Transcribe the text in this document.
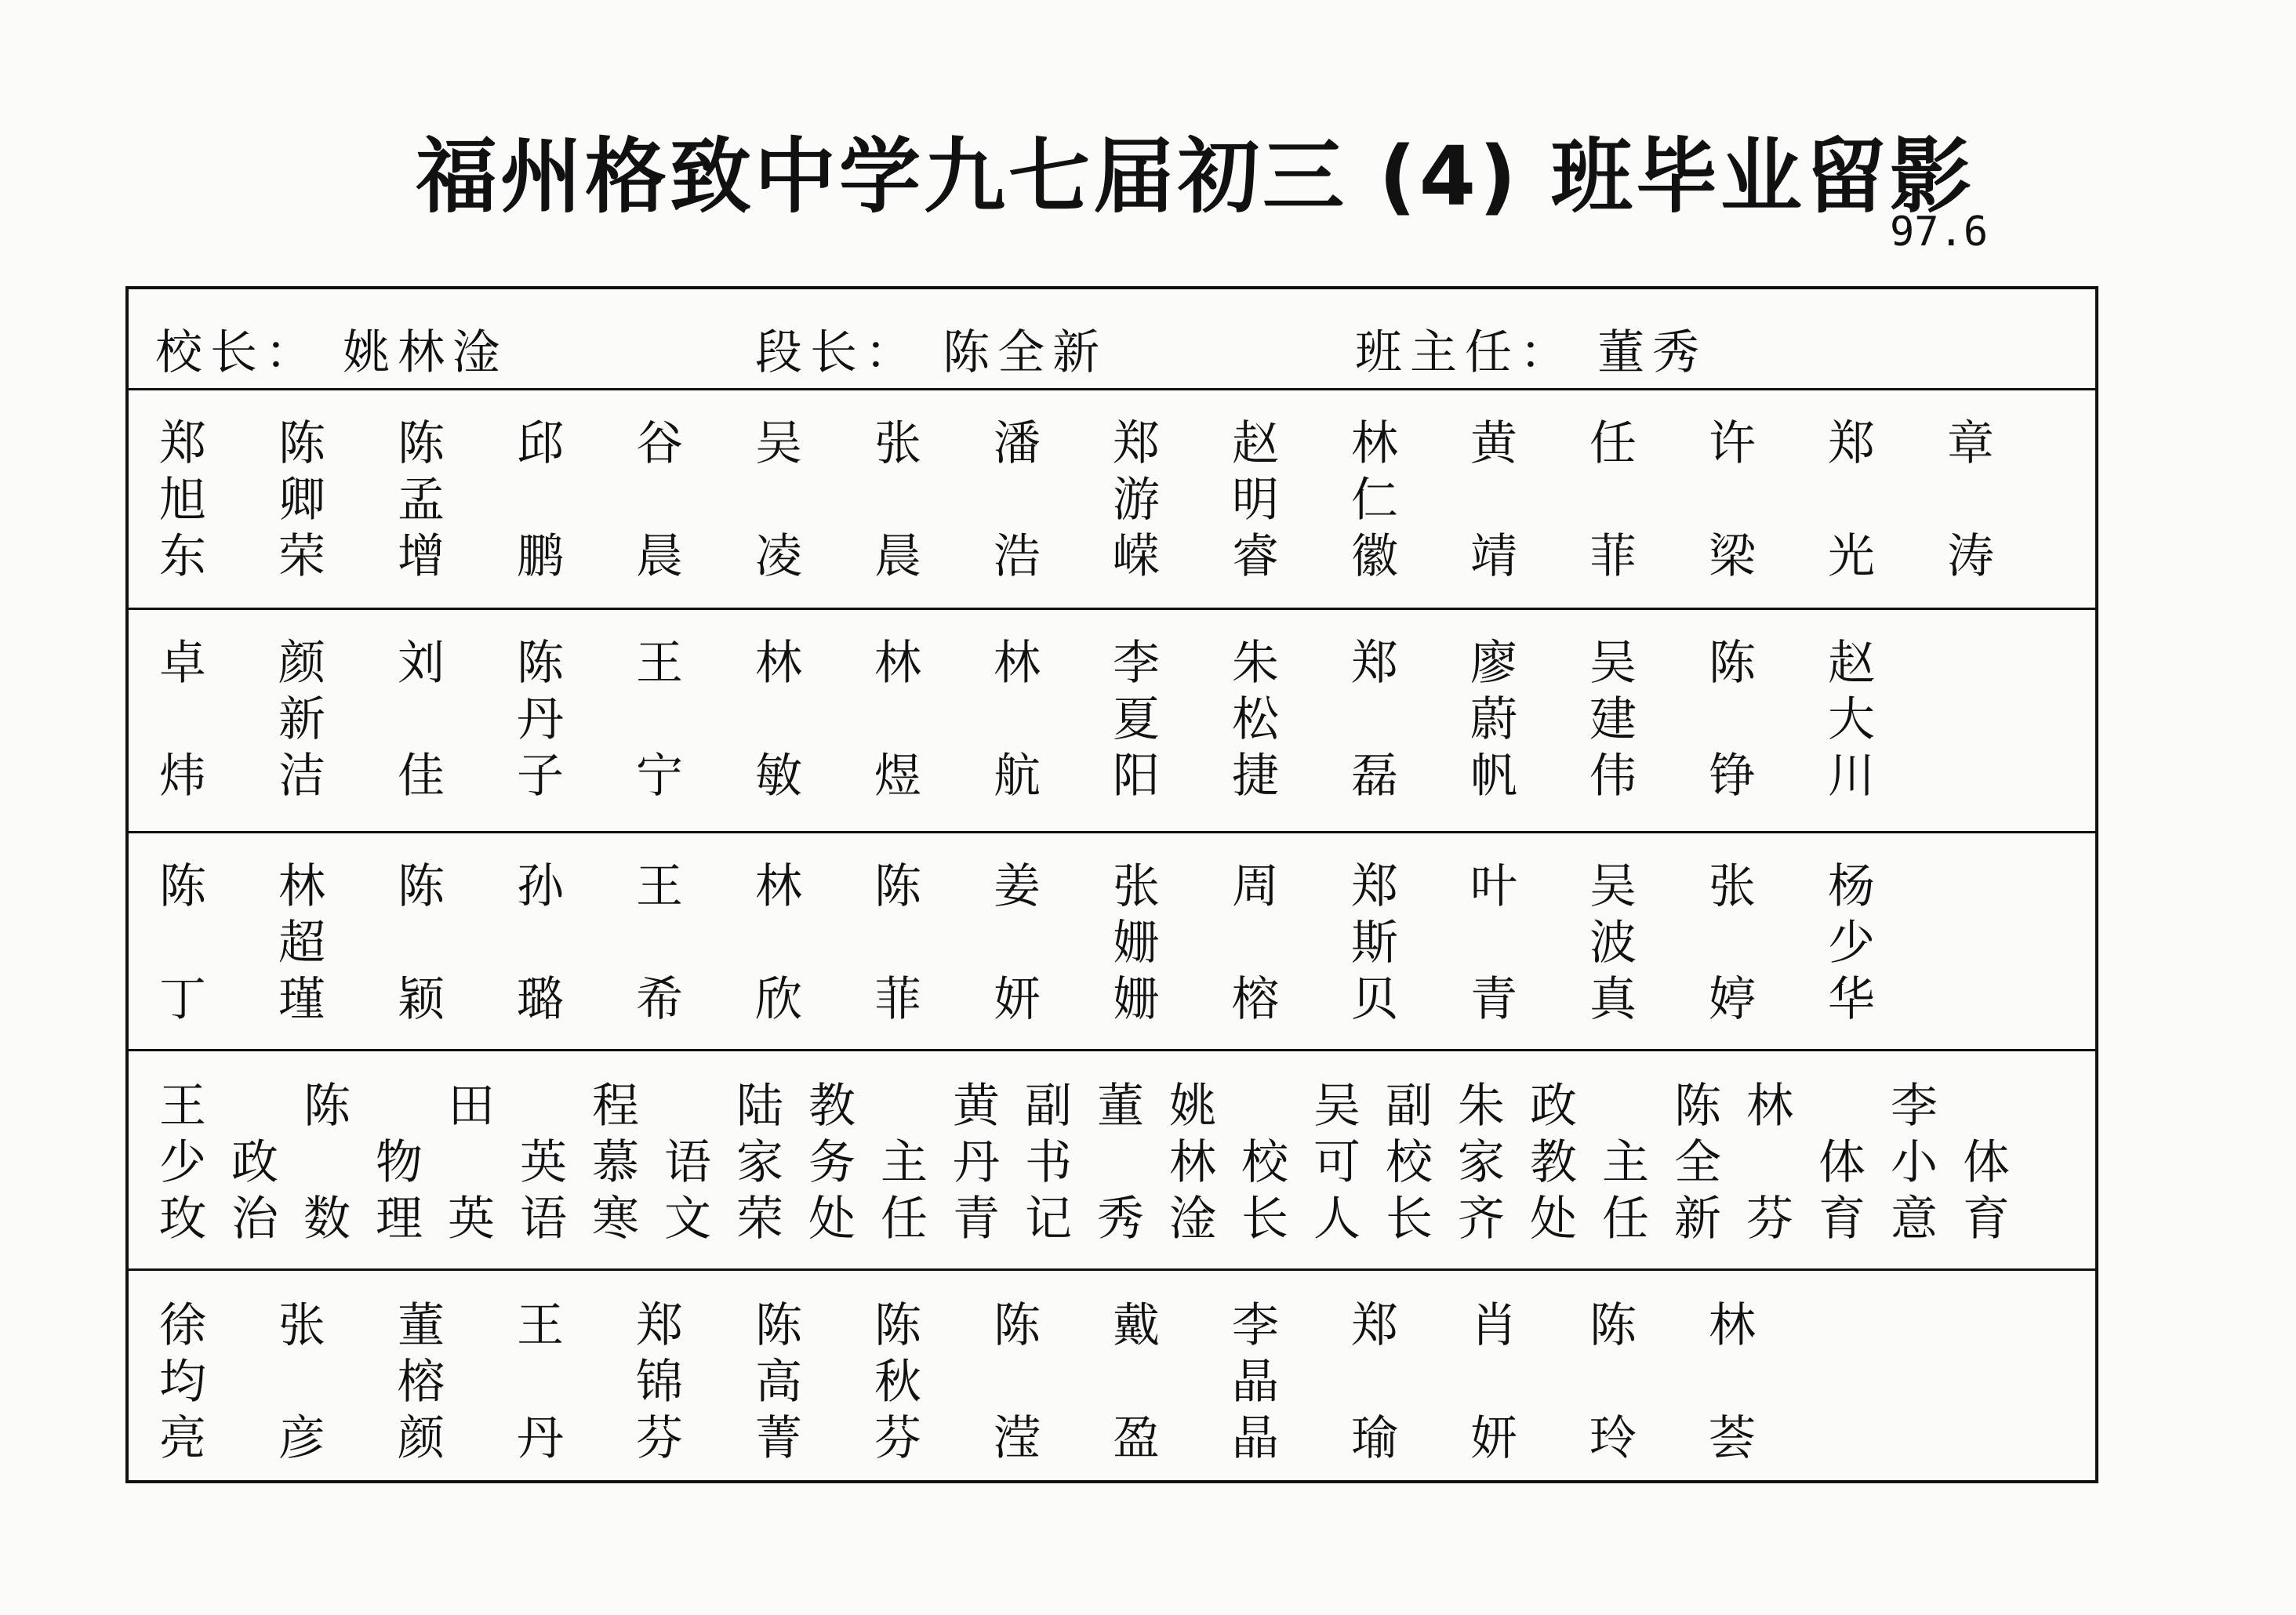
福州格致中学九七届初三 (4) 班毕业留影
97.6
校长： 姚林淦	段长： 陈全新	班主任： 董秀
郑
旭
东
陈
卿
荣
陈
孟
增
邱
鹏
谷
晨
吴
凌
张
晨
潘
浩
郑
游
嵘
赵
明
睿
林
仁
徽
黄
靖
任
菲
许
梁
郑
光
章
涛
卓
炜
颜
新
洁
刘
佳
陈
丹
子
王
宁
林
敏
林
煜
林
航
李
夏
阳
朱
松
捷
郑
磊
廖
蔚
帆
吴
建
伟
陈
铮
赵
大
川
陈
丁
林
超
瑾
陈
颖
孙
璐
王
希
林
欣
陈
菲
姜
妍
张
姗
姗
周
榕
郑
斯
贝
叶
青
吴
波
真
张
婷
杨
少
华
王
少
玫
政
治
陈
数
物
理
田
英
英
语
程
慕
寒
语
文
陆
家
荣
教
务
处
主
任
黄
丹
青
副
书
记
董
秀
姚
林
淦
校
长
吴
可
人
副
校
长
朱
家
齐
政
教
处
主
任
陈
全
新
林
芬
体
育
李
小
意
体
育
徐
均
亮
张
彦
董
榕
颜
王
丹
郑
锦
芬
陈
高
菁
陈
秋
芬
陈
滢
戴
盈
李
晶
晶
郑
瑜
肖
妍
陈
玲
林
荟
